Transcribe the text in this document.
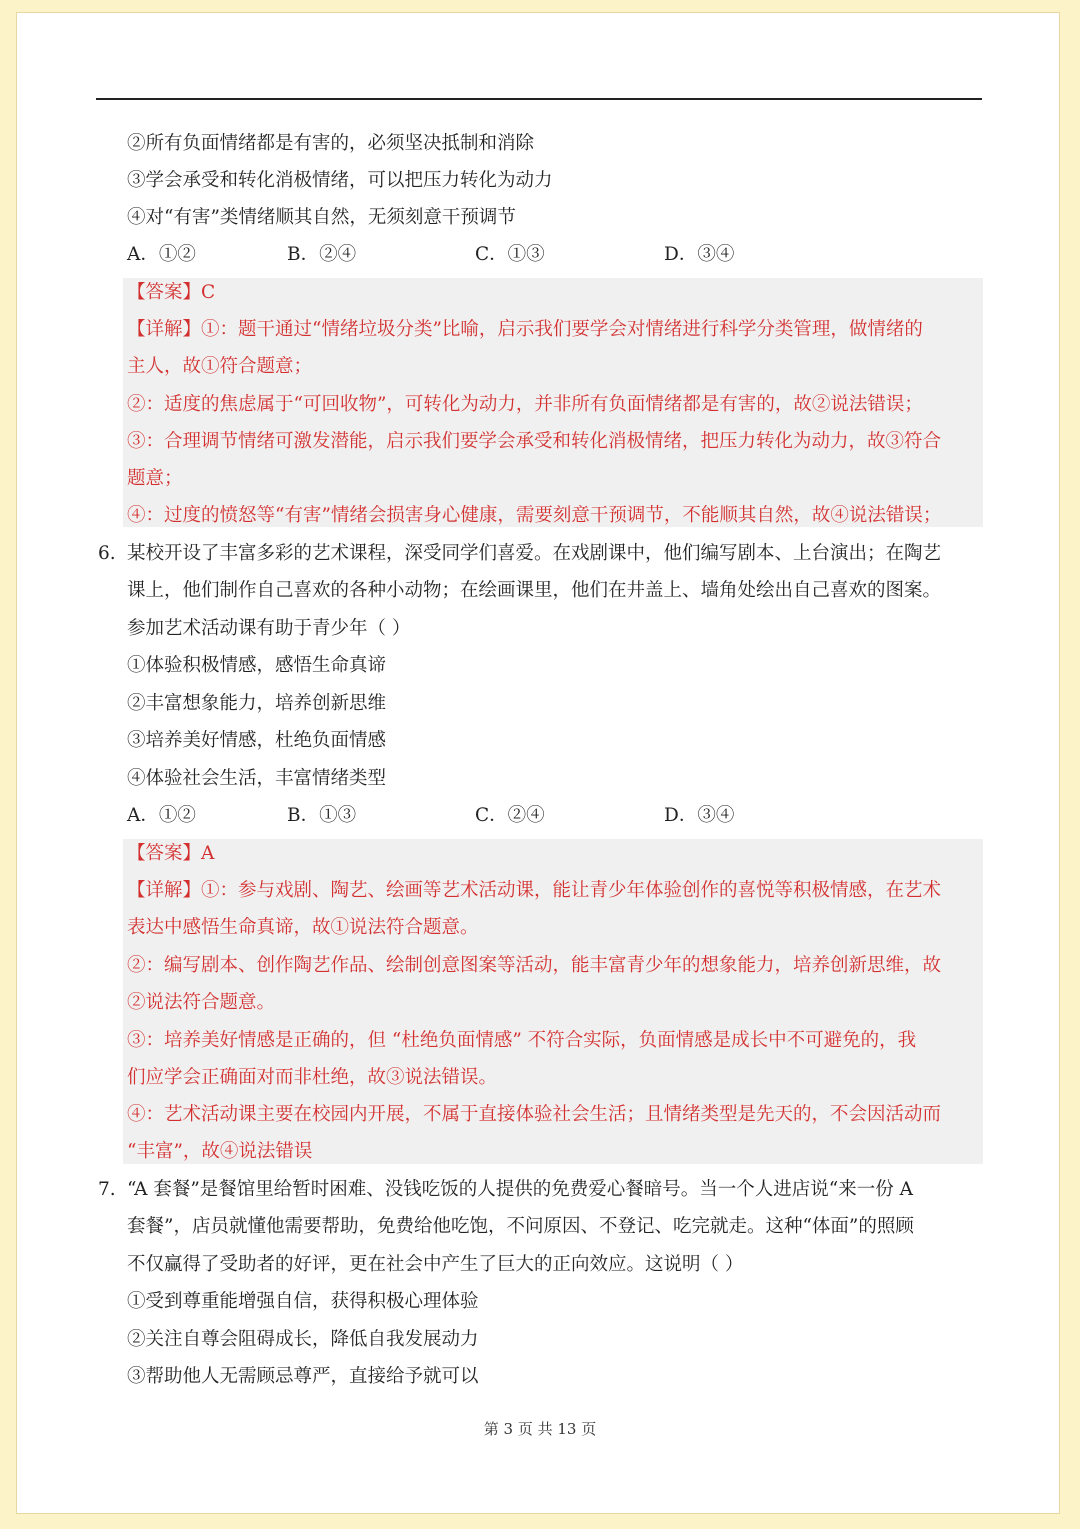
②所有负面情绪都是有害的，必须坚决抵制和消除
③学会承受和转化消极情绪，可以把压力转化为动力
④对“有害”类情绪顺其自然，无须刻意干预调节
A．①②	B．②④	C．①③	D．③④
【答案】C
【详解】①：题干通过“情绪垃圾分类”比喻，启示我们要学会对情绪进行科学分类管理，做情绪的
主人，故①符合题意；
②：适度的焦虑属于“可回收物”，可转化为动力，并非所有负面情绪都是有害的，故②说法错误；
③：合理调节情绪可激发潜能，启示我们要学会承受和转化消极情绪，把压力转化为动力，故③符合
题意；
④：过度的愤怒等“有害”情绪会损害身心健康，需要刻意干预调节，不能顺其自然，故④说法错误；
6. 某校开设了丰富多彩的艺术课程，深受同学们喜爱。在戏剧课中，他们编写剧本、上台演出；在陶艺
课上，他们制作自己喜欢的各种小动物；在绘画课里，他们在井盖上、墙角处绘出自己喜欢的图案。
参加艺术活动课有助于青少年（ ）
①体验积极情感，感悟生命真谛
②丰富想象能力，培养创新思维
③培养美好情感，杜绝负面情感
④体验社会生活，丰富情绪类型
A．①②	B．①③	C．②④	D．③④
【答案】A
【详解】①：参与戏剧、陶艺、绘画等艺术活动课，能让青少年体验创作的喜悦等积极情感，在艺术
表达中感悟生命真谛，故①说法符合题意。
②：编写剧本、创作陶艺作品、绘制创意图案等活动，能丰富青少年的想象能力，培养创新思维，故
②说法符合题意。
③：培养美好情感是正确的，但 “杜绝负面情感” 不符合实际，负面情感是成长中不可避免的，我
们应学会正确面对而非杜绝，故③说法错误。
④：艺术活动课主要在校园内开展，不属于直接体验社会生活；且情绪类型是先天的，不会因活动而
“丰富”，故④说法错误
7. “A 套餐”是餐馆里给暂时困难、没钱吃饭的人提供的免费爱心餐暗号。当一个人进店说“来一份 A
套餐”，店员就懂他需要帮助，免费给他吃饱，不问原因、不登记、吃完就走。这种“体面”的照顾
不仅赢得了受助者的好评，更在社会中产生了巨大的正向效应。这说明（ ）
①受到尊重能增强自信，获得积极心理体验
②关注自尊会阻碍成长，降低自我发展动力
③帮助他人无需顾忌尊严，直接给予就可以
第 3 页 共 13 页
